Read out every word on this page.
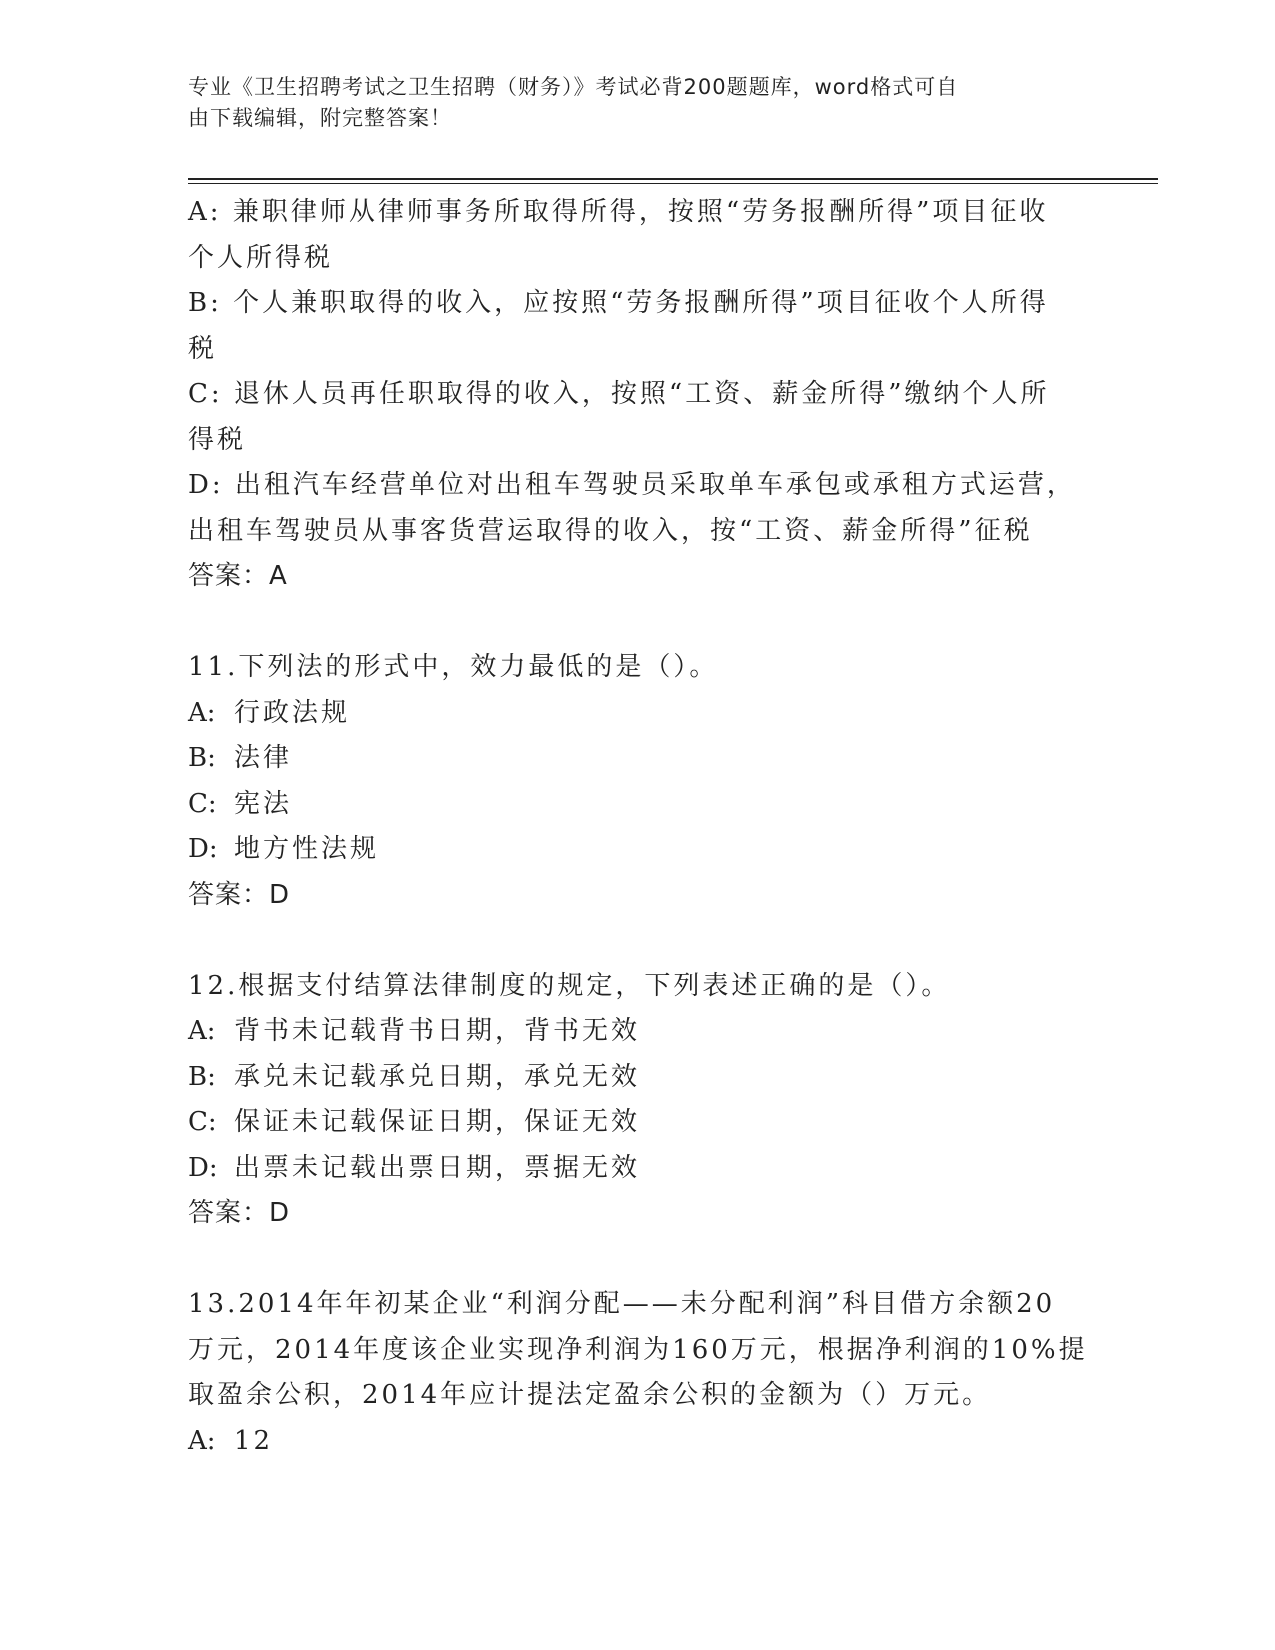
专业《卫生招聘考试之卫生招聘（财务）》考试必背200题题库，word格式可自
由下载编辑，附完整答案！
A: 兼职律师从律师事务所取得所得，按照“劳务报酬所得”项目征收
个人所得税
B: 个人兼职取得的收入，应按照“劳务报酬所得”项目征收个人所得
税
C: 退休人员再任职取得的收入，按照“工资、薪金所得”缴纳个人所
得税
D: 出租汽车经营单位对出租车驾驶员采取单车承包或承租方式运营，
出租车驾驶员从事客货营运取得的收入，按“工资、薪金所得”征税
答案：A
11.下列法的形式中，效力最低的是（）。
A: 行政法规
B: 法律
C: 宪法
D: 地方性法规
答案：D
12.根据支付结算法律制度的规定，下列表述正确的是（）。
A: 背书未记载背书日期，背书无效
B: 承兑未记载承兑日期，承兑无效
C: 保证未记载保证日期，保证无效
D: 出票未记载出票日期，票据无效
答案：D
13.2014年年初某企业“利润分配——未分配利润”科目借方余额20
万元，2014年度该企业实现净利润为160万元，根据净利润的10%提
取盈余公积，2014年应计提法定盈余公积的金额为（）万元。
A: 12
